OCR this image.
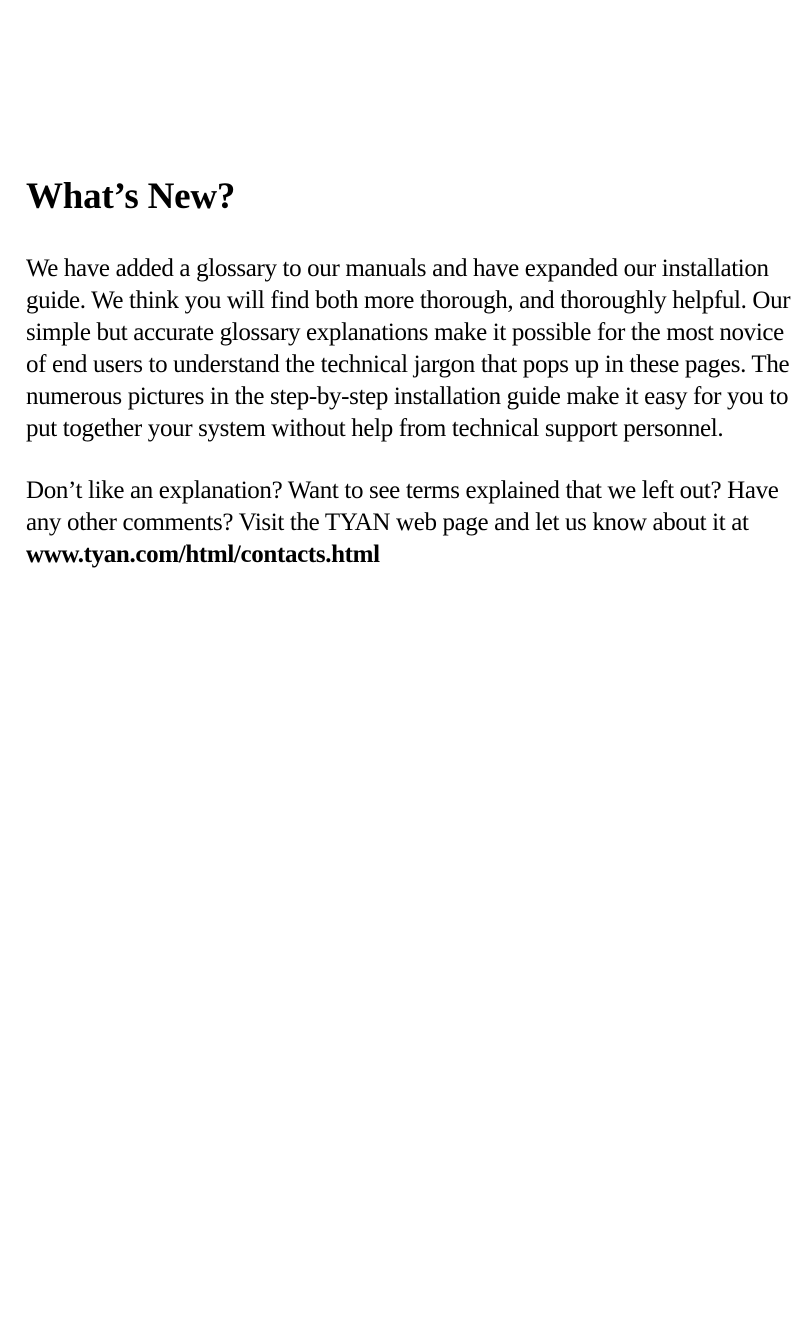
What’s New?

We have added a glossary to our manuals and have expanded our installation guide. We think you will find both more thorough, and thoroughly helpful. Our simple but accurate glossary explanations make it possible for the most novice of end users to understand the technical jargon that pops up in these pages. The numerous pictures in the step-by-step installation guide make it easy for you to put together your system without help from technical support personnel.

Don’t like an explanation? Want to see terms explained that we left out? Have any other comments? Visit the TYAN web page and let us know about it at www.tyan.com/html/contacts.html
